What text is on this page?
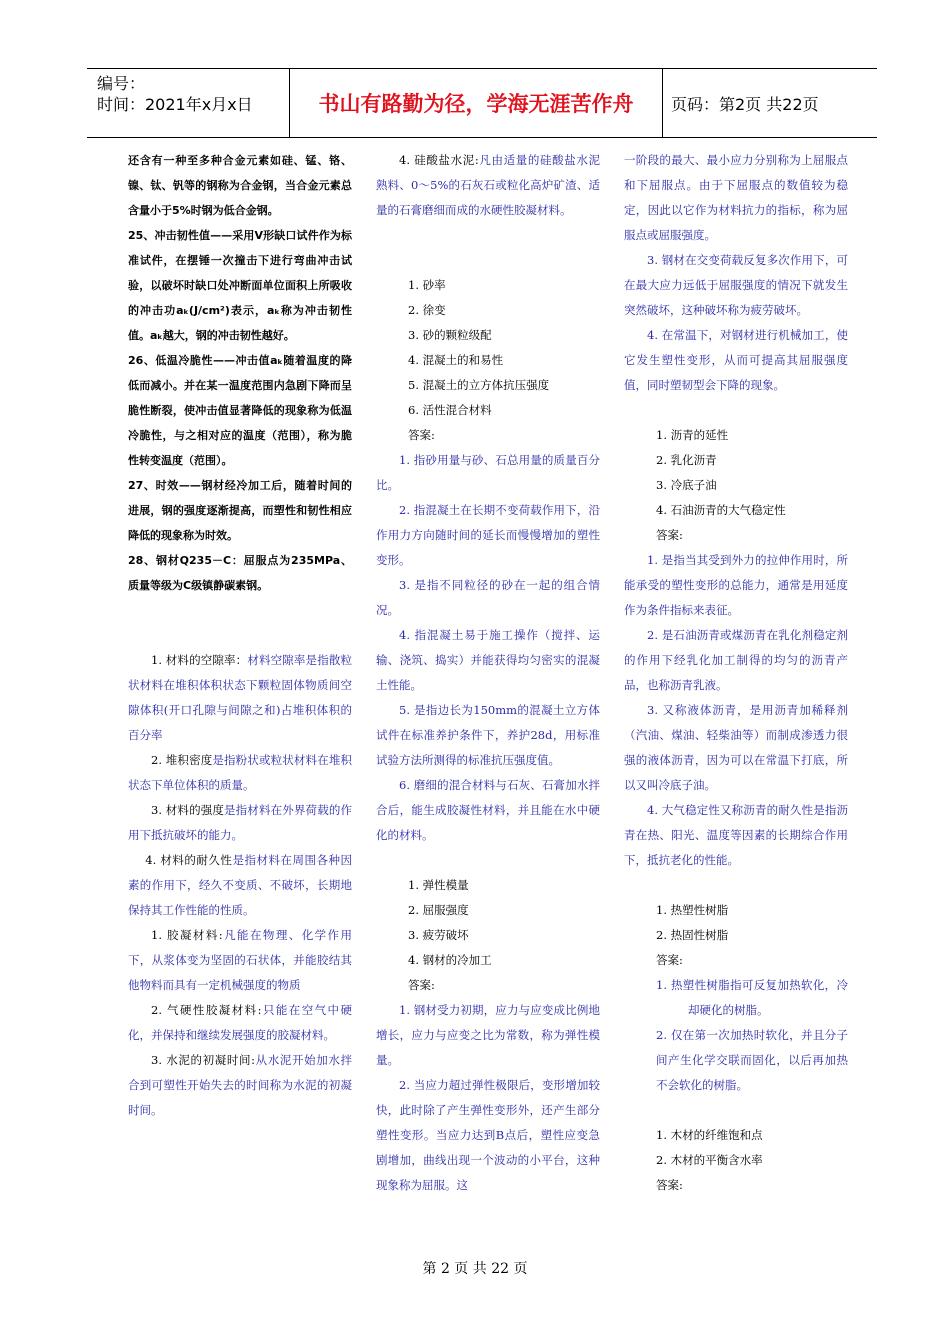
编号：
时间：2021年x月x日	书山有路勤为径，学海无涯苦作舟	页码：第2页 共22页

还含有一种至多种合金元素如硅、锰、铬、镍、钛、钒等的钢称为合金钢，当合金元素总含量小于5%时钢为低合金钢。

25、冲击韧性值——采用V形缺口试件作为标准试件，在摆锤一次撞击下进行弯曲冲击试验，以破坏时缺口处冲断面单位面积上所吸收的冲击功aₖ(J/cm²)表示，aₖ称为冲击韧性值。aₖ越大，钢的冲击韧性越好。

26、低温冷脆性——冲击值aₖ随着温度的降低而减小。并在某一温度范围内急剧下降而呈脆性断裂，使冲击值显著降低的现象称为低温冷脆性，与之相对应的温度（范围），称为脆性转变温度（范围）。

27、时效——钢材经冷加工后，随着时间的进展，钢的强度逐渐提高，而塑性和韧性相应降低的现象称为时效。

28、钢材Q235－C：屈服点为235MPa、质量等级为C级镇静碳素钢。

1. 材料的空隙率：材料空隙率是指散粒状材料在堆积体积状态下颗粒固体物质间空隙体积(开口孔隙与间隙之和)占堆积体积的百分率

2. 堆积密度是指粉状或粒状材料在堆积状态下单位体积的质量。

3. 材料的强度是指材料在外界荷载的作用下抵抗破坏的能力。

4. 材料的耐久性是指材料在周围各种因素的作用下，经久不变质、不破坏，长期地保持其工作性能的性质。

1. 胶凝材料:凡能在物理、化学作用下，从浆体变为坚固的石状体，并能胶结其他物料而具有一定机械强度的物质

2. 气硬性胶凝材料:只能在空气中硬化，并保持和继续发展强度的胶凝材料。

3. 水泥的初凝时间:从水泥开始加水拌合到可塑性开始失去的时间称为水泥的初凝时间。

4. 硅酸盐水泥:凡由适量的硅酸盐水泥熟料、0～5%的石灰石或粒化高炉矿渣、适量的石膏磨细而成的水硬性胶凝材料。

1. 砂率

2. 徐变

3. 砂的颗粒级配

4. 混凝土的和易性

5. 混凝土的立方体抗压强度

6. 活性混合材料

答案:

1. 指砂用量与砂、石总用量的质量百分比。

2. 指混凝土在长期不变荷载作用下，沿作用力方向随时间的延长而慢慢增加的塑性变形。

3. 是指不同粒径的砂在一起的组合情况。

4. 指混凝土易于施工操作（搅拌、运输、浇筑、捣实）并能获得均匀密实的混凝土性能。

5. 是指边长为150mm的混凝土立方体试件在标准养护条件下，养护28d，用标准试验方法所测得的标准抗压强度值。

6. 磨细的混合材料与石灰、石膏加水拌合后，能生成胶凝性材料，并且能在水中硬化的材料。

1. 弹性模量

2. 屈服强度

3. 疲劳破坏

4. 钢材的冷加工

答案:

1. 钢材受力初期，应力与应变成比例地增长，应力与应变之比为常数，称为弹性模量。

2. 当应力超过弹性极限后，变形增加较快，此时除了产生弹性变形外，还产生部分塑性变形。当应力达到B点后，塑性应变急剧增加，曲线出现一个波动的小平台，这种现象称为屈服。这

一阶段的最大、最小应力分别称为上屈服点和下屈服点。由于下屈服点的数值较为稳定，因此以它作为材料抗力的指标，称为屈服点或屈服强度。

3. 钢材在交变荷载反复多次作用下，可在最大应力远低于屈服强度的情况下就发生突然破坏，这种破坏称为疲劳破坏。

4. 在常温下，对钢材进行机械加工，使它发生塑性变形，从而可提高其屈服强度值，同时塑韧型会下降的现象。

1. 沥青的延性

2. 乳化沥青

3. 冷底子油

4. 石油沥青的大气稳定性

答案:

1. 是指当其受到外力的拉伸作用时，所能承受的塑性变形的总能力，通常是用延度作为条件指标来表征。

2. 是石油沥青或煤沥青在乳化剂稳定剂的作用下经乳化加工制得的均匀的沥青产品，也称沥青乳液。

3. 又称液体沥青，是用沥青加稀释剂（汽油、煤油、轻柴油等）而制成渗透力很强的液体沥青，因为可以在常温下打底，所以又叫冷底子油。

4. 大气稳定性又称沥青的耐久性是指沥青在热、阳光、温度等因素的长期综合作用下，抵抗老化的性能。

1. 热塑性树脂

2. 热固性树脂

答案:

1. 热塑性树脂指可反复加热软化，冷却硬化的树脂。

2. 仅在第一次加热时软化，并且分子间产生化学交联而固化，以后再加热不会软化的树脂。

1. 木材的纤维饱和点

2. 木材的平衡含水率

答案:

第 2 页 共 22 页
